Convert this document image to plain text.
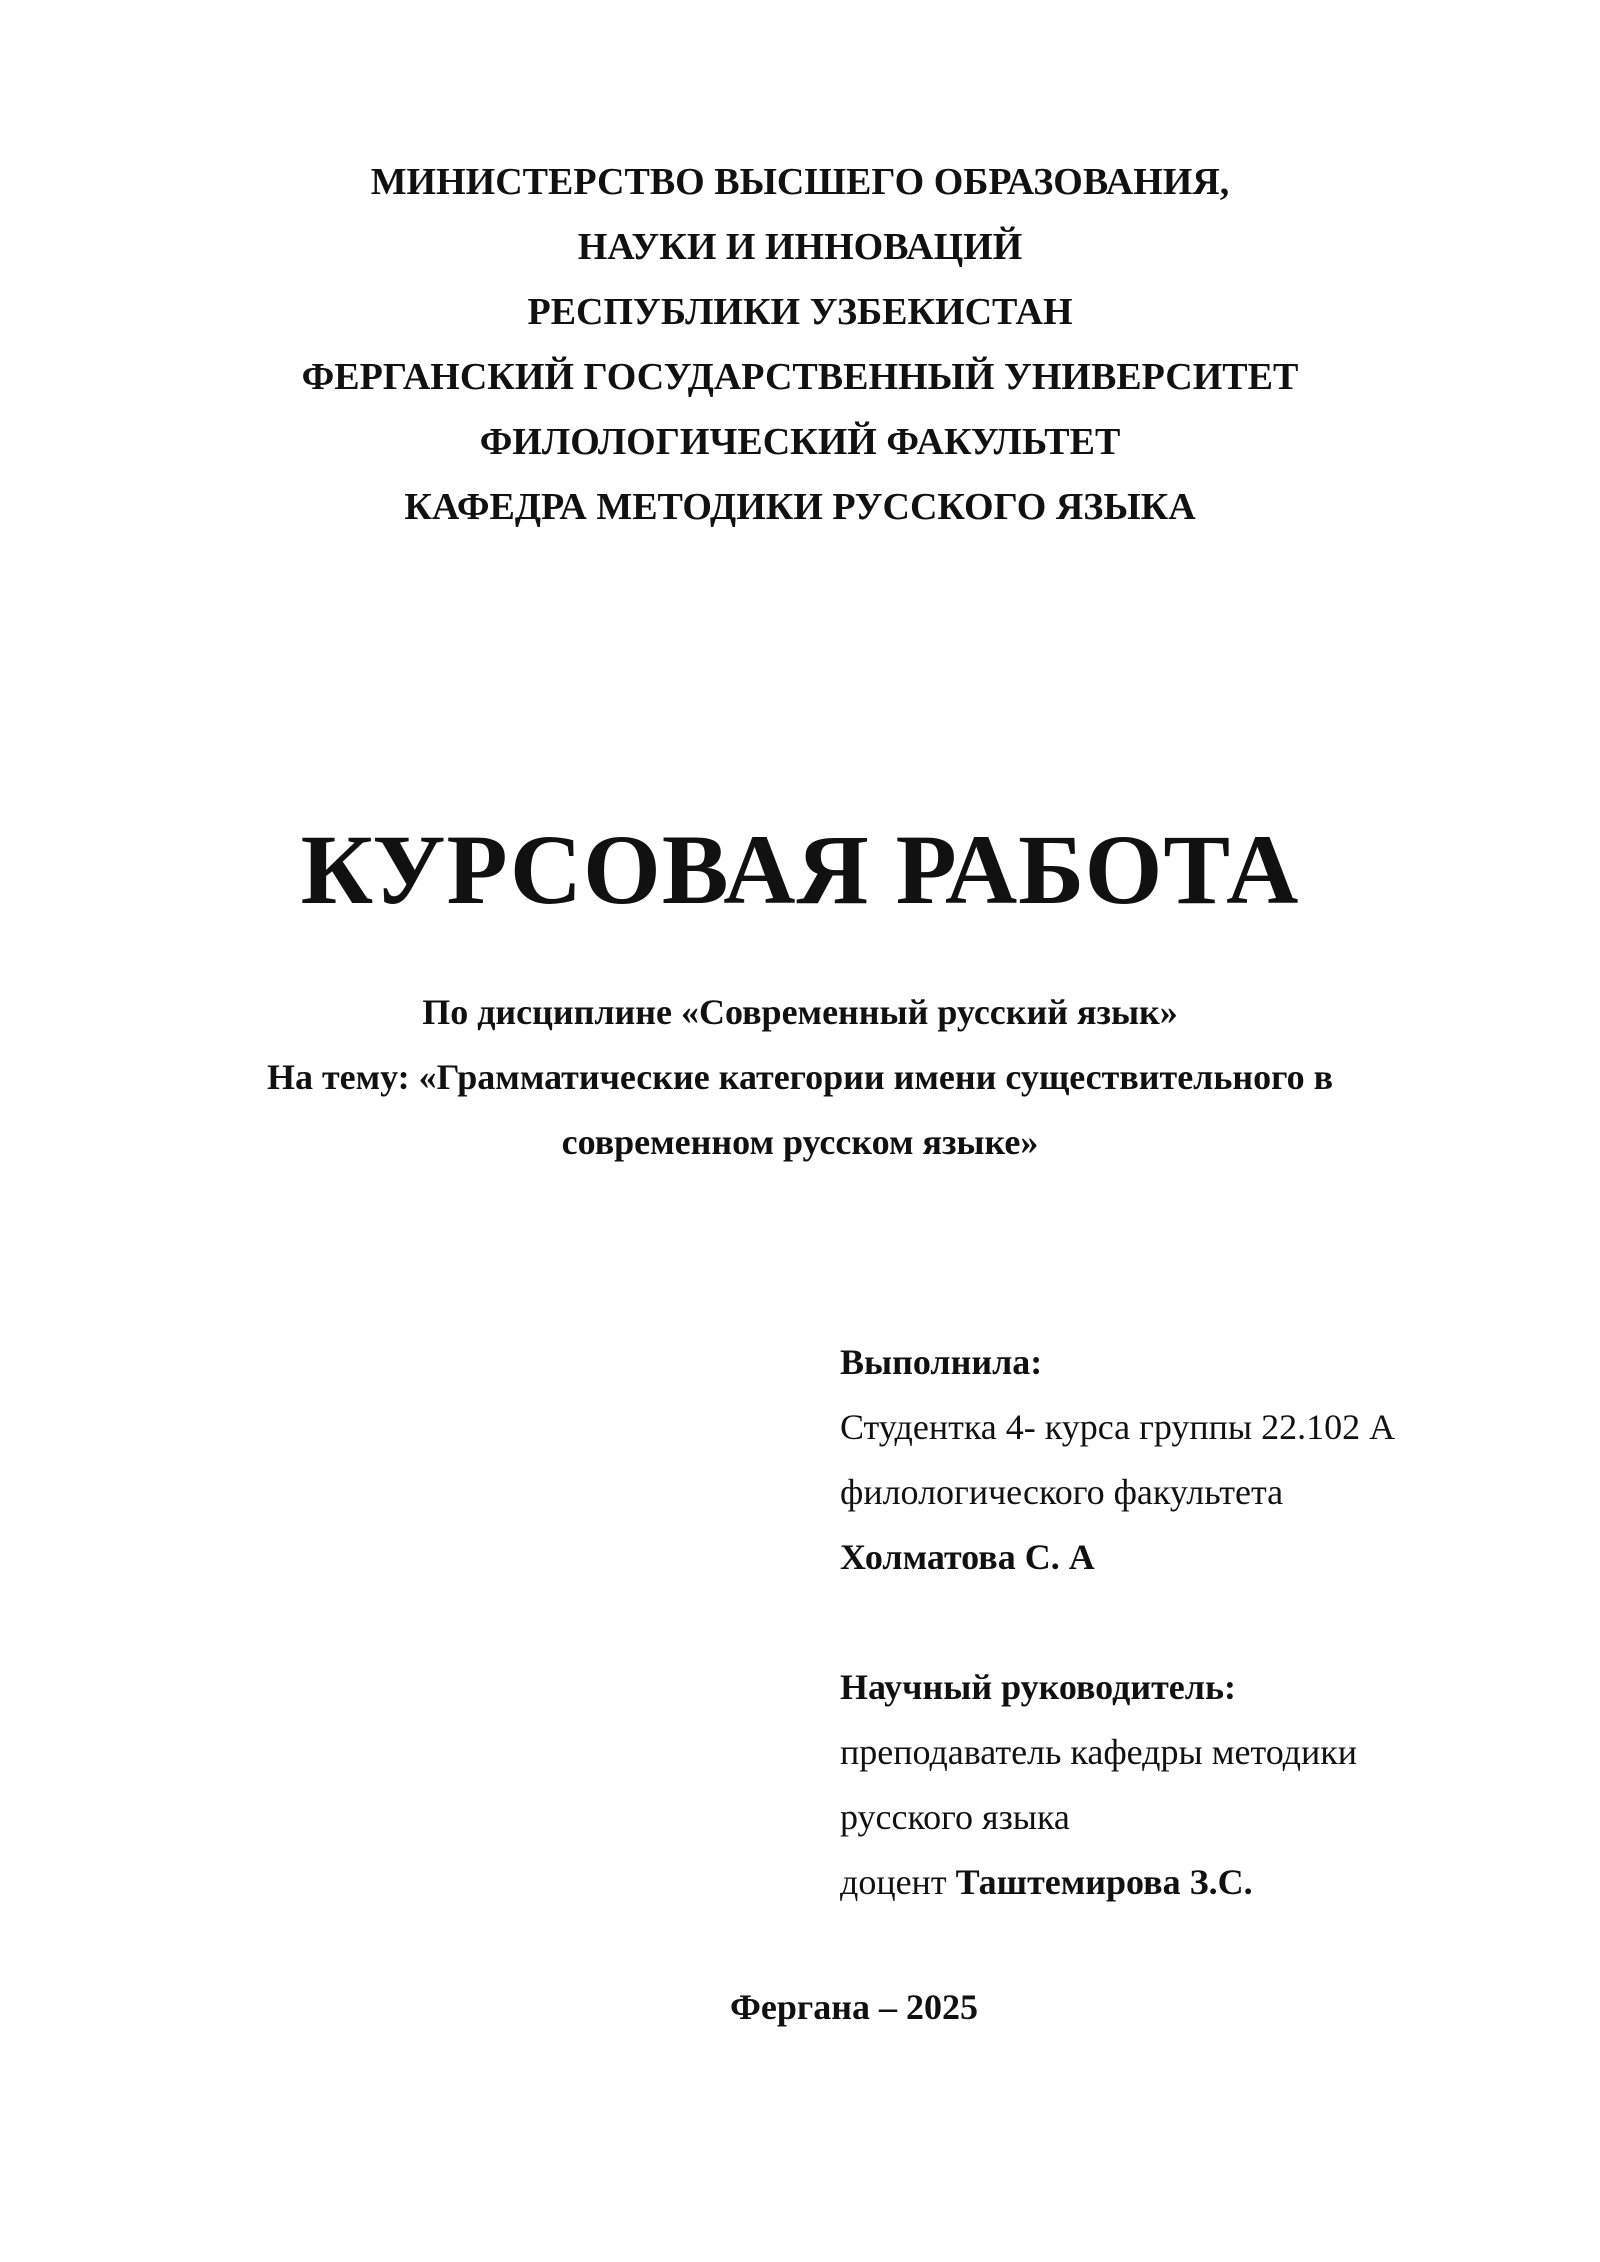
МИНИСТЕРСТВО ВЫСШЕГО ОБРАЗОВАНИЯ,
НАУКИ И ИННОВАЦИЙ
РЕСПУБЛИКИ УЗБЕКИСТАН
ФЕРГАНСКИЙ ГОСУДАРСТВЕННЫЙ УНИВЕРСИТЕТ
ФИЛОЛОГИЧЕСКИЙ ФАКУЛЬТЕТ
КАФЕДРА МЕТОДИКИ РУССКОГО ЯЗЫКА
КУРСОВАЯ РАБОТА
По дисциплине «Современный русский язык»
На тему: «Грамматические категории имени существительного в
современном русском языке»
Выполнила:
Студентка 4- курса группы 22.102 А
филологического факультета
Холматова С. А
Научный руководитель:
преподаватель кафедры методики
русского языка
доцент Таштемирова З.С.
Фергана – 2025
